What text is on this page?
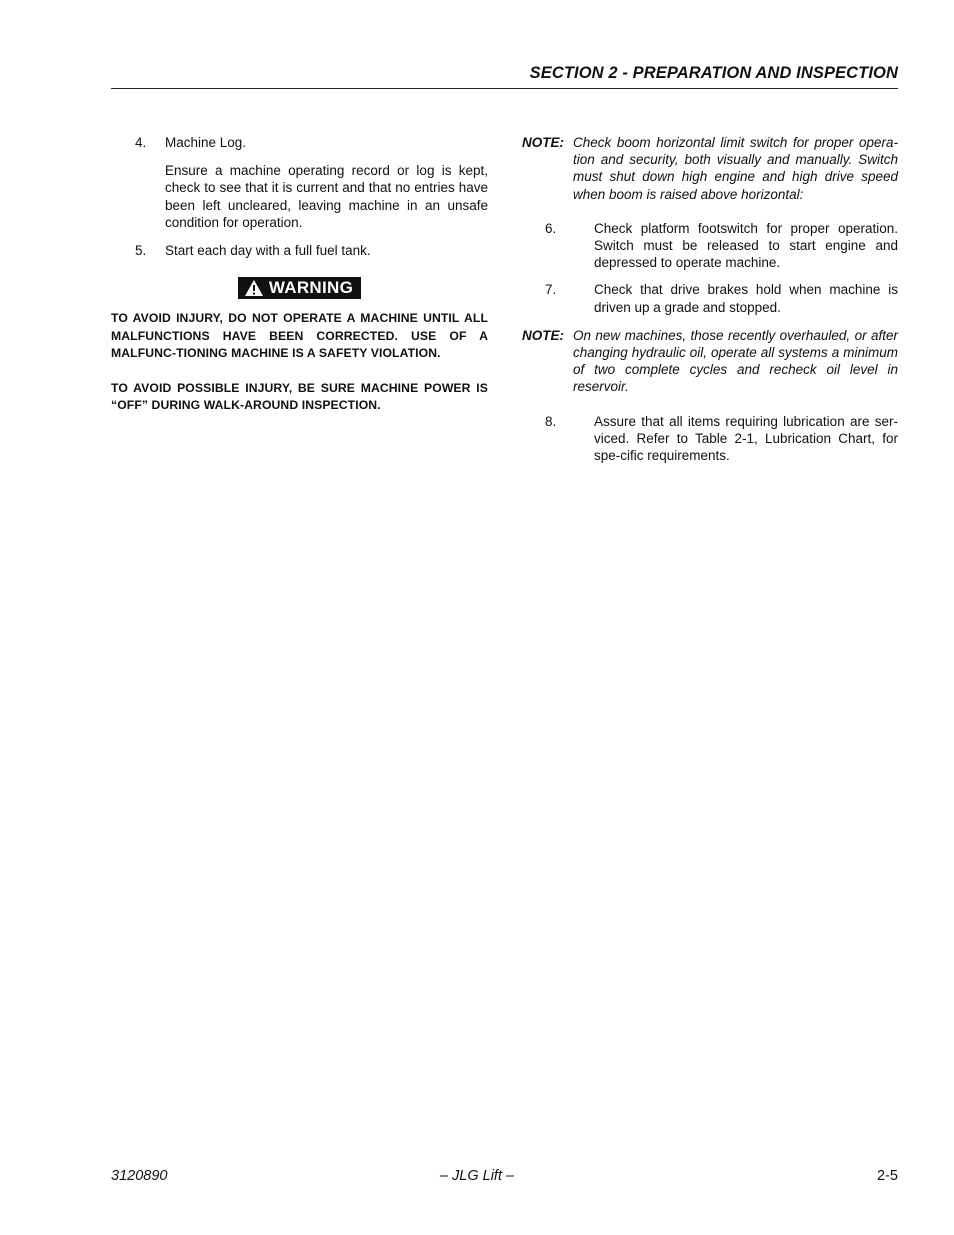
SECTION 2 - PREPARATION AND INSPECTION
4.	Machine Log.
Ensure a machine operating record or log is kept, check to see that it is current and that no entries have been left uncleared, leaving machine in an unsafe condition for operation.
5.	Start each day with a full fuel tank.
WARNING
TO AVOID INJURY, DO NOT OPERATE A MACHINE UNTIL ALL MALFUNCTIONS HAVE BEEN CORRECTED. USE OF A MALFUNC-TIONING MACHINE IS A SAFETY VIOLATION.
TO AVOID POSSIBLE INJURY, BE SURE MACHINE POWER IS “OFF” DURING WALK-AROUND INSPECTION.
NOTE: Check boom horizontal limit switch for proper opera-tion and security, both visually and manually. Switch must shut down high engine and high drive speed when boom is raised above horizontal:
6.	Check platform footswitch for proper operation. Switch must be released to start engine and depressed to operate machine.
7.	Check that drive brakes hold when machine is driven up a grade and stopped.
NOTE: On new machines, those recently overhauled, or after changing hydraulic oil, operate all systems a minimum of two complete cycles and recheck oil level in reservoir.
8.	Assure that all items requiring lubrication are ser-viced. Refer to Table 2-1, Lubrication Chart, for spe-cific requirements.
3120890	– JLG Lift –	2-5
